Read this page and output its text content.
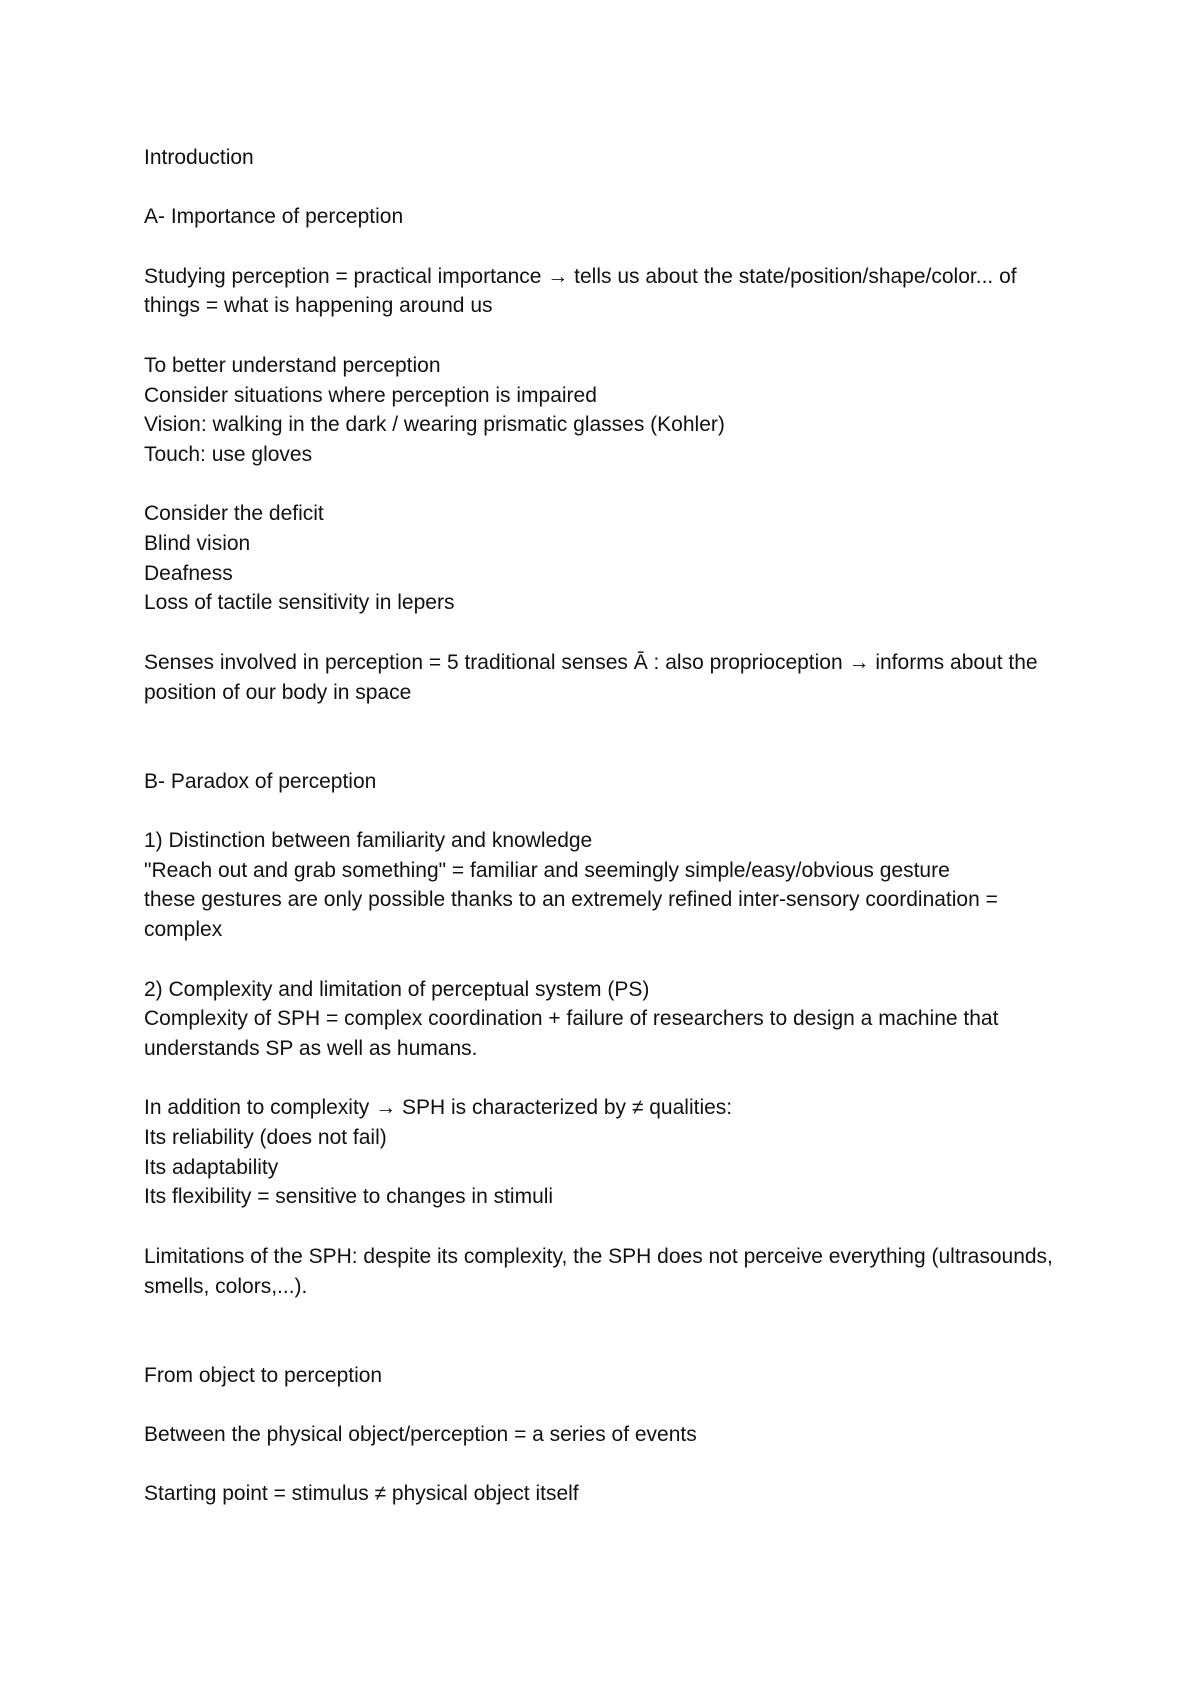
Introduction
A- Importance of perception
Studying perception = practical importance → tells us about the state/position/shape/color... of things = what is happening around us
To better understand perception
Consider situations where perception is impaired
Vision: walking in the dark / wearing prismatic glasses (Kohler)
Touch: use gloves
Consider the deficit
Blind vision
Deafness
Loss of tactile sensitivity in lepers
Senses involved in perception = 5 traditional senses Ā : also proprioception → informs about the position of our body in space
B- Paradox of perception
1) Distinction between familiarity and knowledge
"Reach out and grab something" = familiar and seemingly simple/easy/obvious gesture
these gestures are only possible thanks to an extremely refined inter-sensory coordination = complex
2) Complexity and limitation of perceptual system (PS)
Complexity of SPH = complex coordination + failure of researchers to design a machine that understands SP as well as humans.
In addition to complexity → SPH is characterized by ≠ qualities:
Its reliability (does not fail)
Its adaptability
Its flexibility = sensitive to changes in stimuli
Limitations of the SPH: despite its complexity, the SPH does not perceive everything (ultrasounds, smells, colors,...).
From object to perception
Between the physical object/perception = a series of events
Starting point = stimulus ≠ physical object itself
